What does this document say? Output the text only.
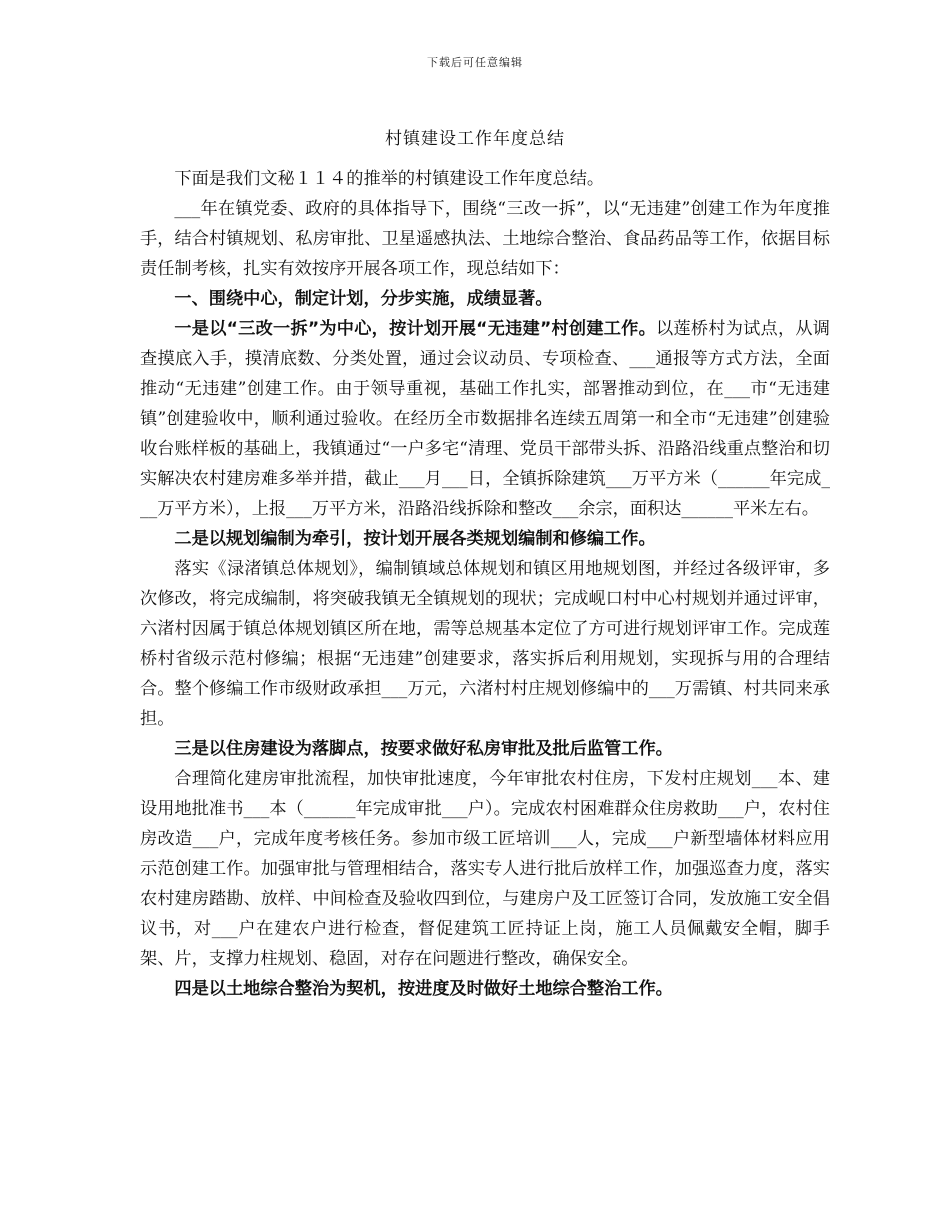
下载后可任意编辑
村镇建设工作年度总结

下面是我们文秘１１４的推举的村镇建设工作年度总结。

___年在镇党委、政府的具体指导下，围绕“三改一拆”，以“无违建”创建工作为年度推手，结合村镇规划、私房审批、卫星遥感执法、土地综合整治、食品药品等工作，依据目标责任制考核，扎实有效按序开展各项工作，现总结如下：

一、围绕中心，制定计划，分步实施，成绩显著。

一是以“三改一拆”为中心，按计划开展“无违建”村创建工作。以莲桥村为试点，从调查摸底入手，摸清底数、分类处置，通过会议动员、专项检查、___通报等方式方法，全面推动“无违建”创建工作。由于领导重视，基础工作扎实，部署推动到位，在___市“无违建镇”创建验收中，顺利通过验收。在经历全市数据排名连续五周第一和全市“无违建”创建验收台账样板的基础上，我镇通过“一户多宅“清理、党员干部带头拆、沿路沿线重点整治和切实解决农村建房难多举并措，截止___月___日，全镇拆除建筑___万平方米（______年完成___万平方米），上报___万平方米，沿路沿线拆除和整改___余宗，面积达______平米左右。

二是以规划编制为牵引，按计划开展各类规划编制和修编工作。

落实《渌渚镇总体规划》，编制镇域总体规划和镇区用地规划图，并经过各级评审，多次修改，将完成编制，将突破我镇无全镇规划的现状；完成岘口村中心村规划并通过评审，六渚村因属于镇总体规划镇区所在地，需等总规基本定位了方可进行规划评审工作。完成莲桥村省级示范村修编；根据“无违建”创建要求，落实拆后利用规划，实现拆与用的合理结合。整个修编工作市级财政承担___万元，六渚村村庄规划修编中的___万需镇、村共同来承担。

三是以住房建设为落脚点，按要求做好私房审批及批后监管工作。

合理简化建房审批流程，加快审批速度，今年审批农村住房，下发村庄规划___本、建设用地批准书___本（______年完成审批___户）。完成农村困难群众住房救助___户，农村住房改造___户，完成年度考核任务。参加市级工匠培训___人，完成___户新型墙体材料应用示范创建工作。加强审批与管理相结合，落实专人进行批后放样工作，加强巡查力度，落实农村建房踏勘、放样、中间检查及验收四到位，与建房户及工匠签订合同，发放施工安全倡议书，对___户在建农户进行检查，督促建筑工匠持证上岗，施工人员佩戴安全帽，脚手架、片，支撑力柱规划、稳固，对存在问题进行整改，确保安全。

四是以土地综合整治为契机，按进度及时做好土地综合整治工作。
